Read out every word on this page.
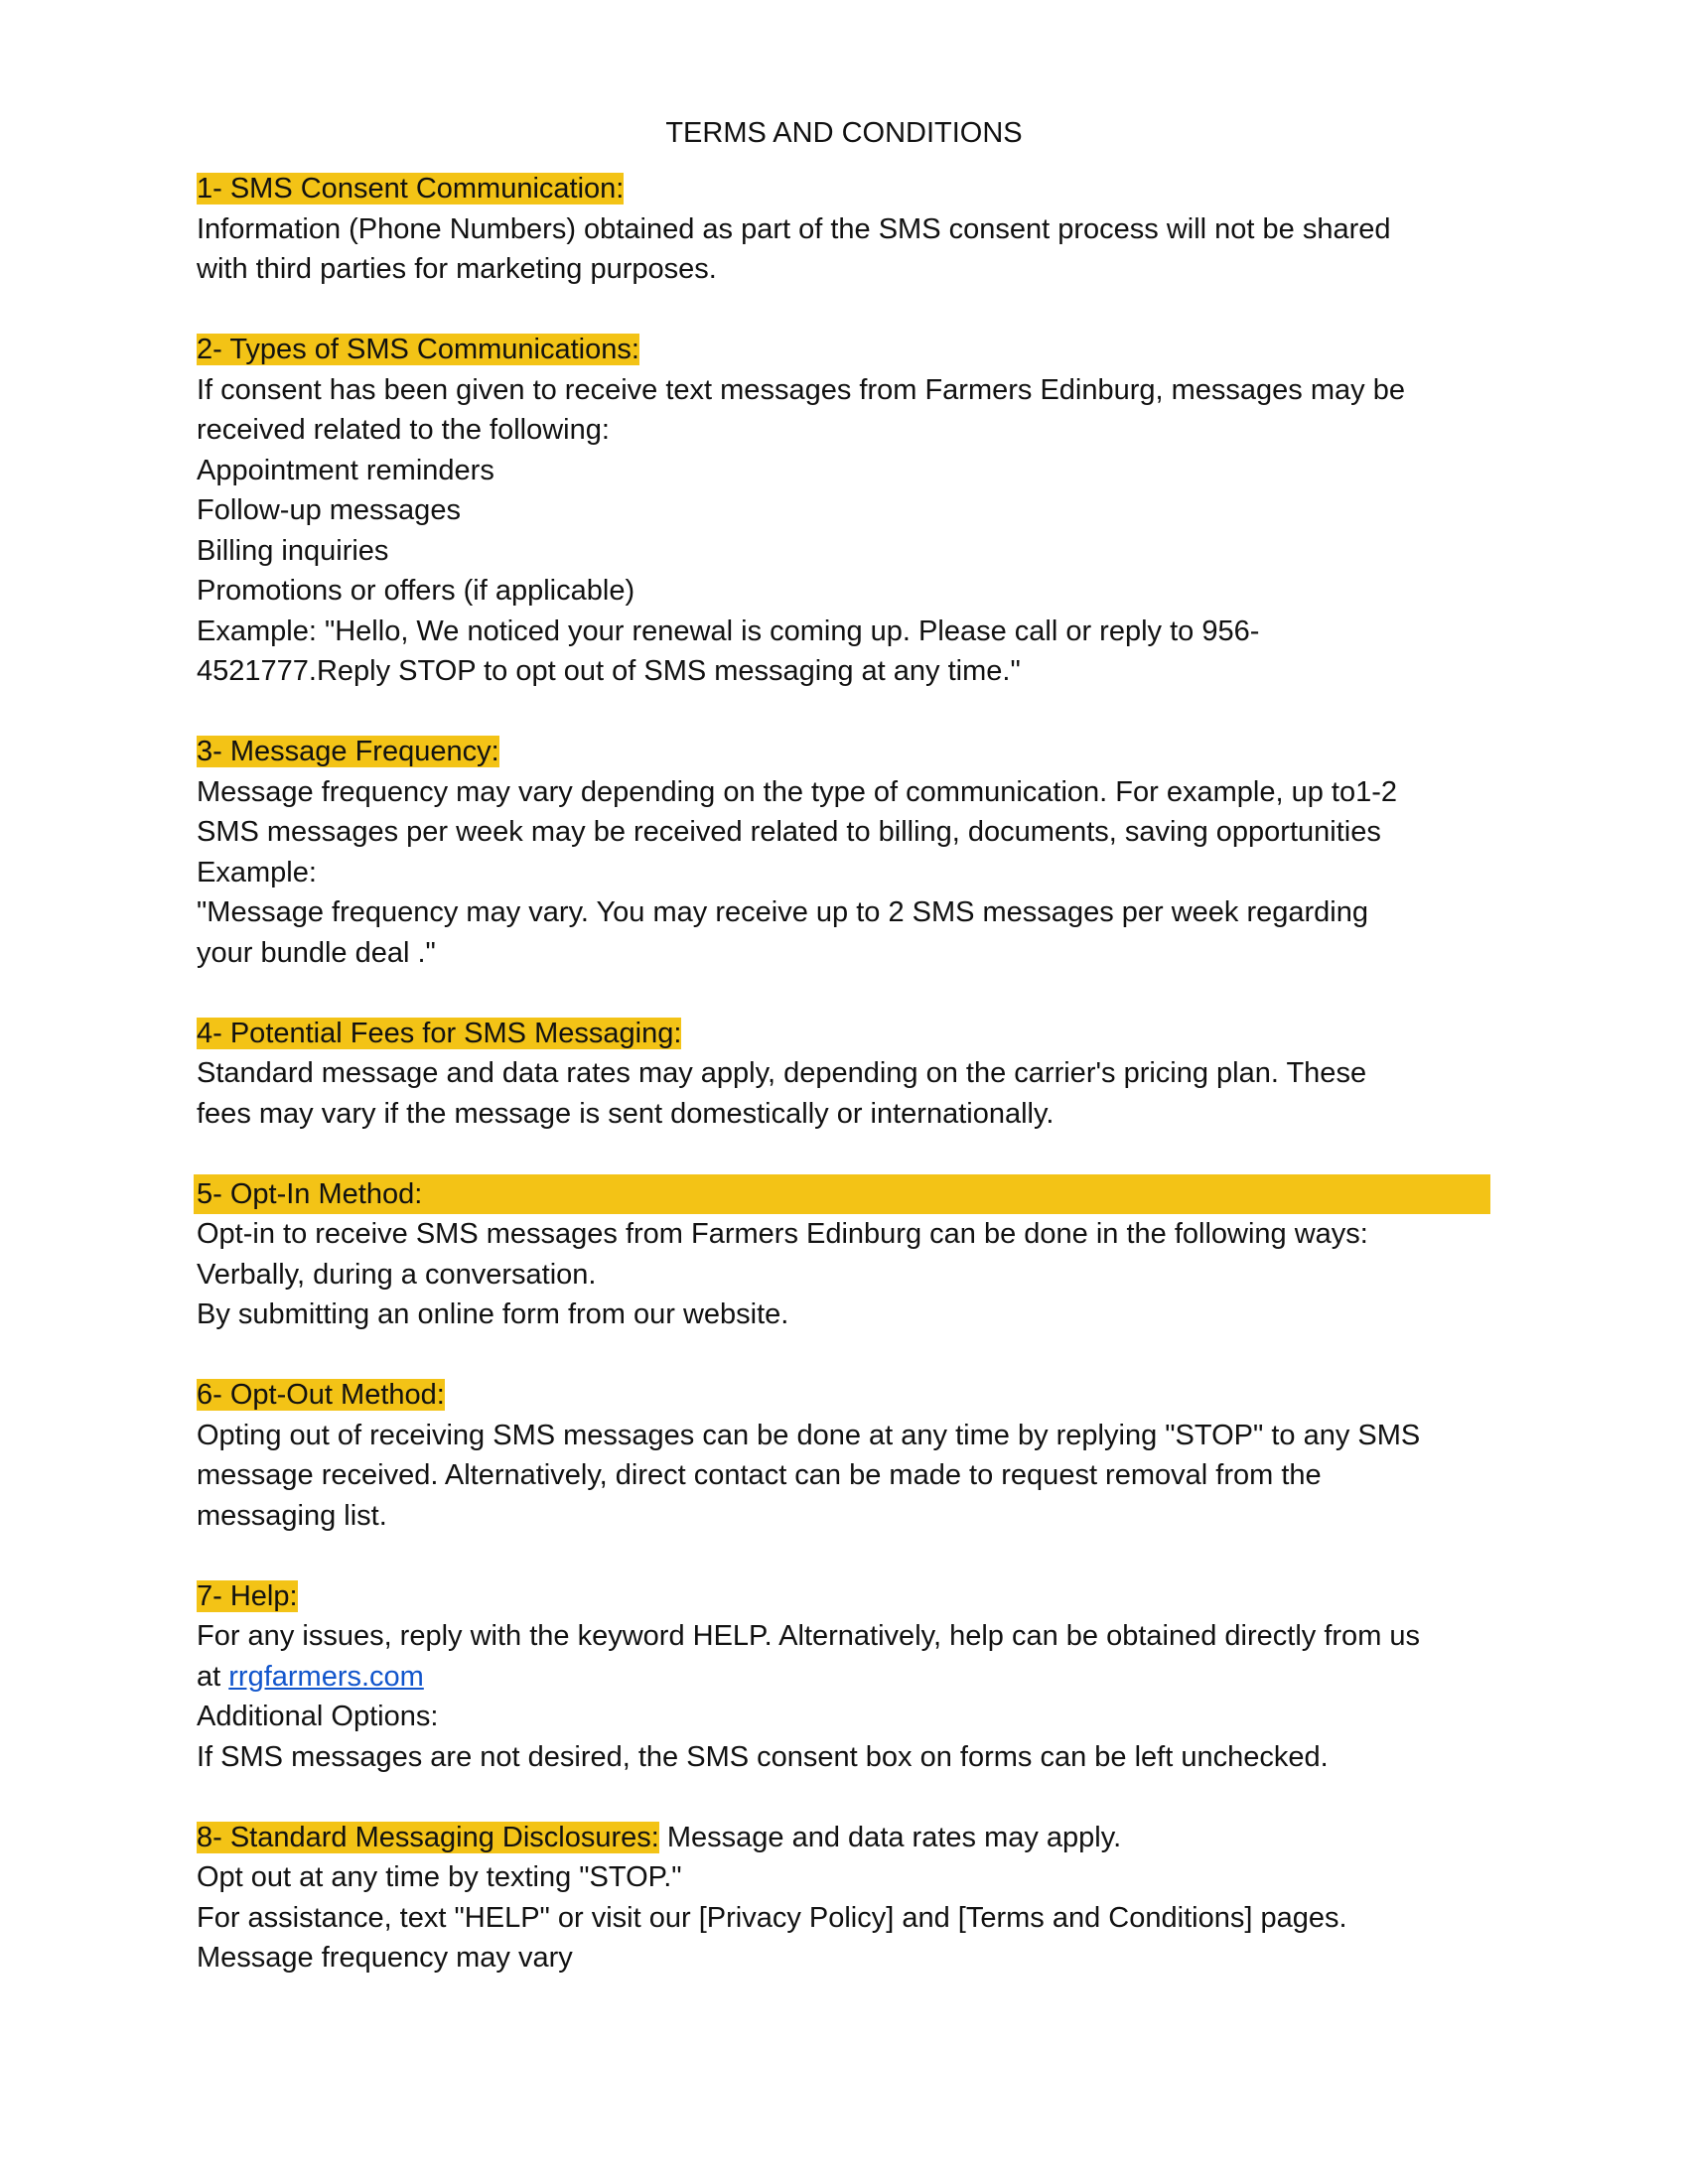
TERMS AND CONDITIONS
1- SMS Consent Communication:
Information (Phone Numbers) obtained as part of the SMS consent process will not be shared
with third parties for marketing purposes.
2- Types of SMS Communications:
If consent has been given to receive text messages from Farmers Edinburg, messages may be
received related to the following:
Appointment reminders
Follow-up messages
Billing inquiries
Promotions or offers (if applicable)
Example: "Hello, We noticed your renewal is coming up. Please call or reply to 956-
4521777.Reply STOP to opt out of SMS messaging at any time."
3- Message Frequency:
Message frequency may vary depending on the type of communication. For example, up to1-2
SMS messages per week may be received related to billing, documents, saving opportunities
Example:
"Message frequency may vary. You may receive up to 2 SMS messages per week regarding
your bundle deal ."
4- Potential Fees for SMS Messaging:
Standard message and data rates may apply, depending on the carrier's pricing plan. These
fees may vary if the message is sent domestically or internationally.
5- Opt-In Method:
Opt-in to receive SMS messages from Farmers Edinburg can be done in the following ways:
Verbally, during a conversation.
By submitting an online form from our website.
6- Opt-Out Method:
Opting out of receiving SMS messages can be done at any time by replying "STOP" to any SMS
message received. Alternatively, direct contact can be made to request removal from the
messaging list.
7- Help:
For any issues, reply with the keyword HELP. Alternatively, help can be obtained directly from us
at rrgfarmers.com
Additional Options:
If SMS messages are not desired, the SMS consent box on forms can be left unchecked.
8- Standard Messaging Disclosures: Message and data rates may apply.
Opt out at any time by texting "STOP."
For assistance, text "HELP" or visit our [Privacy Policy] and [Terms and Conditions] pages.
Message frequency may vary
